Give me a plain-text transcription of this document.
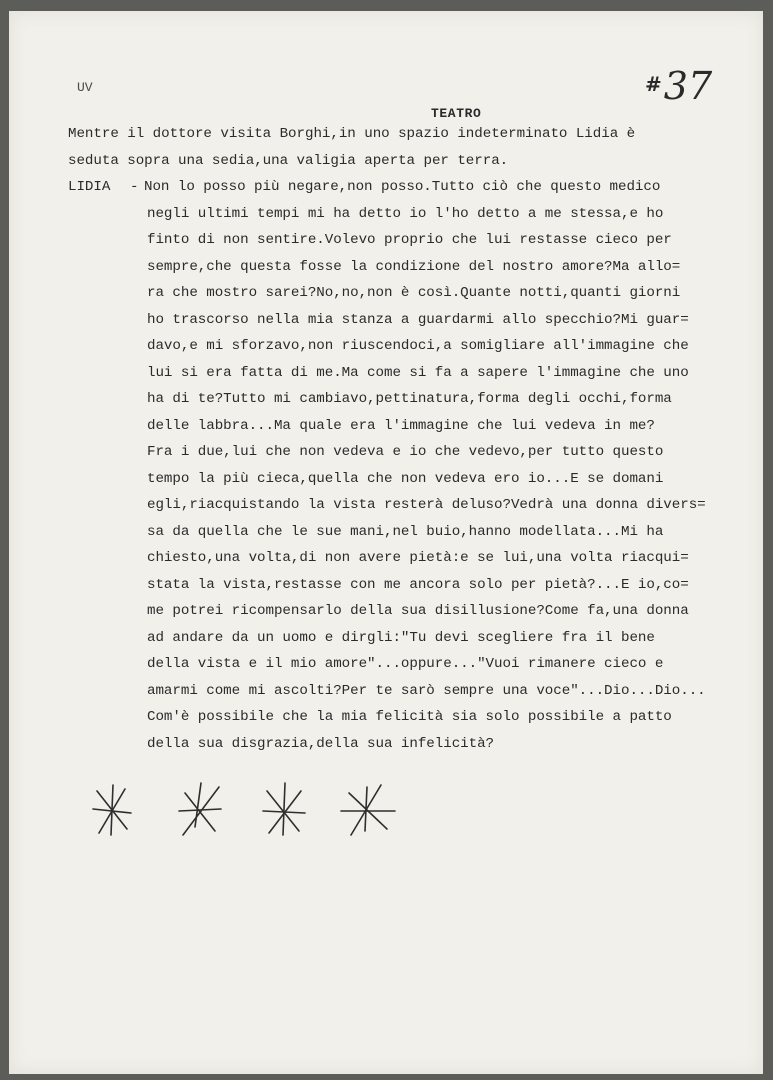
UV	#37
TEATRO
Mentre il dottore visita Borghi,in uno spazio indeterminato Lidia è
seduta sopra una sedia,una valigia aperta per terra.
LIDIA - Non lo posso più negare,non posso.Tutto ciò che questo medico
negli ultimi tempi mi ha detto io l'ho detto a me stessa,e ho
finto di non sentire.Volevo proprio che lui restasse cieco per
sempre,che questa fosse la condizione del nostro amore?Ma allo=
ra che mostro sarei?No,no,non è così.Quante notti,quanti giorni
ho trascorso nella mia stanza a guardarmi allo specchio?Mi guar=
davo,e mi sforzavo,non riuscendoci,a somigliare all'immagine che
lui si era fatta di me.Ma come si fa a sapere l'immagine che uno
ha di te?Tutto mi cambiavo,pettinatura,forma degli occhi,forma
delle labbra...Ma quale era l'immagine che lui vedeva in me?
Fra i due,lui che non vedeva e io che vedevo,per tutto questo
tempo la più cieca,quella che non vedeva ero io...E se domani
egli,riacquistando la vista resterà deluso?Vedrà una donna divers=
sa da quella che le sue mani,nel buio,hanno modellata...Mi ha
chiesto,una volta,di non avere pietà:e se lui,una volta riacqui=
stata la vista,restasse con me ancora solo per pietà?...E io,co=
me potrei ricompensarlo della sua disillusione?Come fa,una donna
ad andare da un uomo e dirgli:"Tu devi scegliere fra il bene
della vista e il mio amore"...oppure..."Vuoi rimanere cieco e
amarmi come mi ascolti?Per te sarò sempre una voce"...Dio...Dio...
Com'è possibile che la mia felicità sia solo possibile a patto
della sua disgrazia,della sua infelicità?
